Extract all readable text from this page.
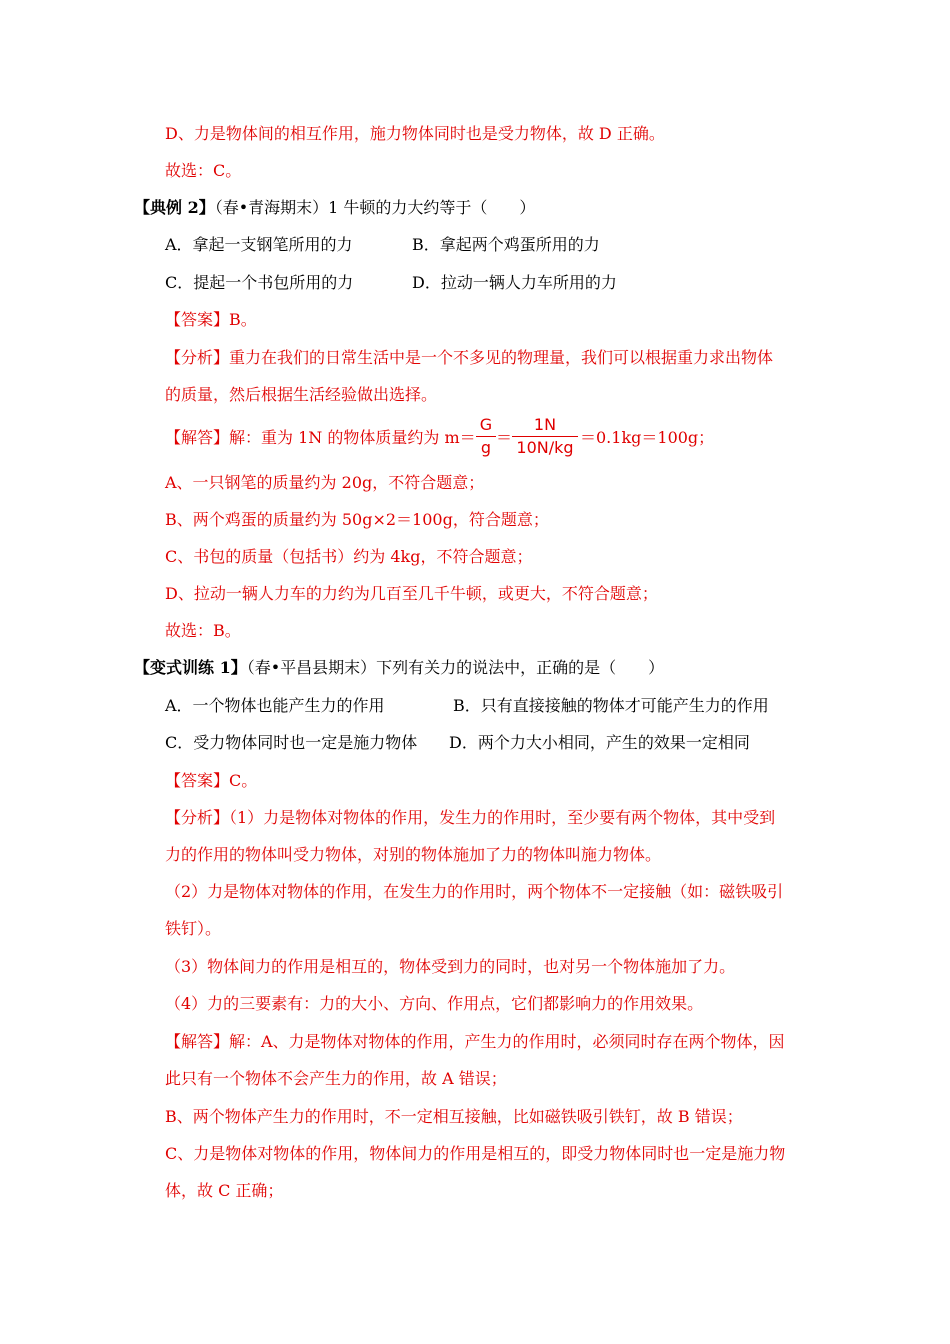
D、力是物体间的相互作用，施力物体同时也是受力物体，故 D 正确。
故选：C。
【典例 2】（春•青海期末）1 牛顿的力大约等于（　　）
A．拿起一支钢笔所用的力	B．拿起两个鸡蛋所用的力
C．提起一个书包所用的力	D．拉动一辆人力车所用的力
【答案】B。
【分析】重力在我们的日常生活中是一个不多见的物理量，我们可以根据重力求出物体
的质量，然后根据生活经验做出选择。
【解答】解：重为 1N 的物体质量约为 m＝
G
g
＝
1N
10N/kg
＝0.1kg＝100g；
A、一只钢笔的质量约为 20g，不符合题意；
B、两个鸡蛋的质量约为 50g×2＝100g，符合题意；
C、书包的质量（包括书）约为 4kg，不符合题意；
D、拉动一辆人力车的力约为几百至几千牛顿，或更大，不符合题意；
故选：B。
【变式训练 1】（春•平昌县期末）下列有关力的说法中，正确的是（　　）
A．一个物体也能产生力的作用	B．只有直接接触的物体才可能产生力的作用
C．受力物体同时也一定是施力物体 D．两个力大小相同，产生的效果一定相同
【答案】C。
【分析】（1）力是物体对物体的作用，发生力的作用时，至少要有两个物体，其中受到
力的作用的物体叫受力物体，对别的物体施加了力的物体叫施力物体。
（2）力是物体对物体的作用，在发生力的作用时，两个物体不一定接触（如：磁铁吸引
铁钉）。
（3）物体间力的作用是相互的，物体受到力的同时，也对另一个物体施加了力。
（4）力的三要素有：力的大小、方向、作用点，它们都影响力的作用效果。
【解答】解：A、力是物体对物体的作用，产生力的作用时，必须同时存在两个物体，因
此只有一个物体不会产生力的作用，故 A 错误；
B、两个物体产生力的作用时，不一定相互接触，比如磁铁吸引铁钉，故 B 错误；
C、力是物体对物体的作用，物体间力的作用是相互的，即受力物体同时也一定是施力物
体，故 C 正确；
